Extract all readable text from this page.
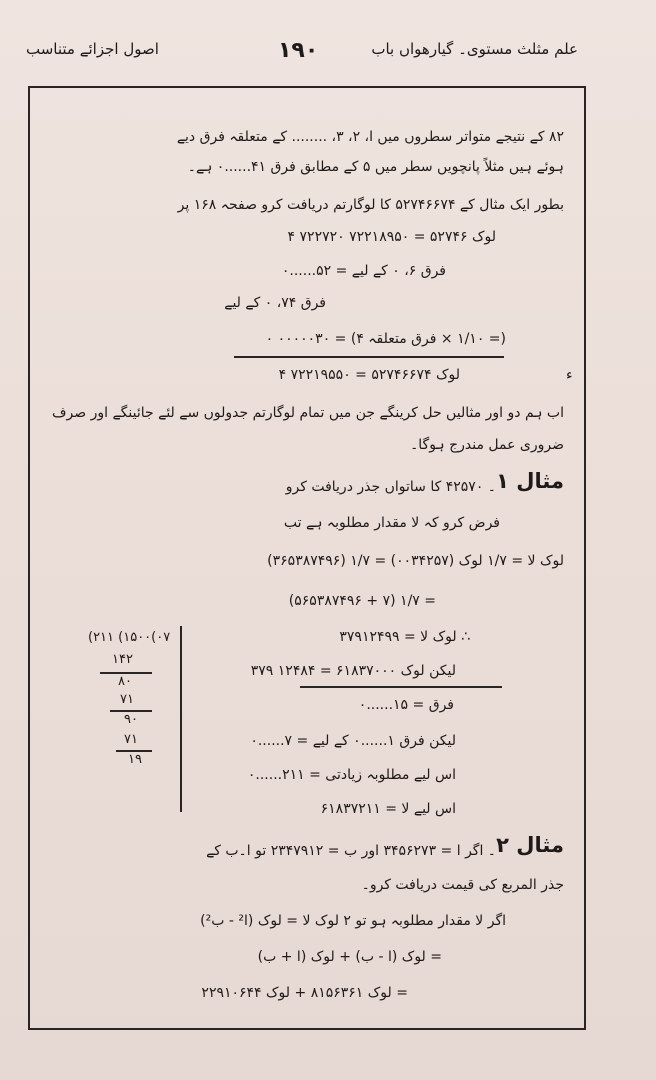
اصول اجزائے متناسب	۱۹۰	علم مثلث مستوی۔ گیارھواں باب
۸۲ کے نتیجے متواتر سطروں میں ا، ۲، ۳، ........ کے متعلقہ فرق دیے
ہوئے ہیں مثلاً پانچویں سطر میں ۵ کے مطابق فرق ۴۱......۰ ہے۔
بطور ایک مثال کے ۵۲۷۴۶۶۷۴ کا لوگارتم دریافت کرو صفحہ ۱۶۸ پر
لوک ۵۲۷۴۶ = ۷۲۲۱۸۹۵۰ ۷۲۲۷۲۰ ۴
فرق ۶، ۰ کے لیے = ۵۲......۰
فرق ۷۴، ۰ کے لیے
(= ۱/۱۰ × فرق متعلقہ ۴) = ۰۰۰۰۰۳۰ ۰
لوک ۵۲۷۴۶۶۷۴ = ۷۲۲۱۹۵۵۰ ۴	ء
اب ہم دو اور مثالیں حل کرینگے جن میں تمام لوگارتم جدولوں سے لئے جائینگے اور صرف
ضروری عمل مندرج ہوگا۔
مثال ۱
۔ ۴۲۵۷۰ کا ساتواں جذر دریافت کرو
فرض کرو کہ لا مقدار مطلوبہ ہے تب
لوک لا = ۱/۷ لوک (۰۰۳۴۲۵۷) = ۱/۷ (۳۶۵۳۸۷۴۹۶)
= ۱/۷ (۷ + ۵۶۵۳۸۷۴۹۶)
∴ لوک لا = ۳۷۹۱۲۴۹۹
لیکن لوک ۶۱۸۳۷۰۰۰ = ۱۲۴۸۴ ۳۷۹
فرق = ۱۵......۰
لیکن فرق ۱......۰ کے لیے = ۷......۰
اس لیے مطلوبہ زیادتی = ۲۱۱......۰
اس لیے لا = ۶۱۸۳۷۲۱۱
(۲۱۱ (۱۵۰۰(۰۷
۱۴۲
۸۰
۷۱
۹۰
۷۱
۱۹
مثال ۲
۔ اگر ا = ۳۴۵۶۲۷۳ اور ب = ۲۳۴۷۹۱۲ تو ا۔ب کے
جذر المربع کی قیمت دریافت کرو۔
اگر لا مقدار مطلوبہ ہو تو ۲ لوک لا = لوک (ا² - ب²)
= لوک (ا - ب) + لوک (ا + ب)
= لوک ۸۱۵۶۳۶۱ + لوک ۲۲۹۱۰۶۴۴
